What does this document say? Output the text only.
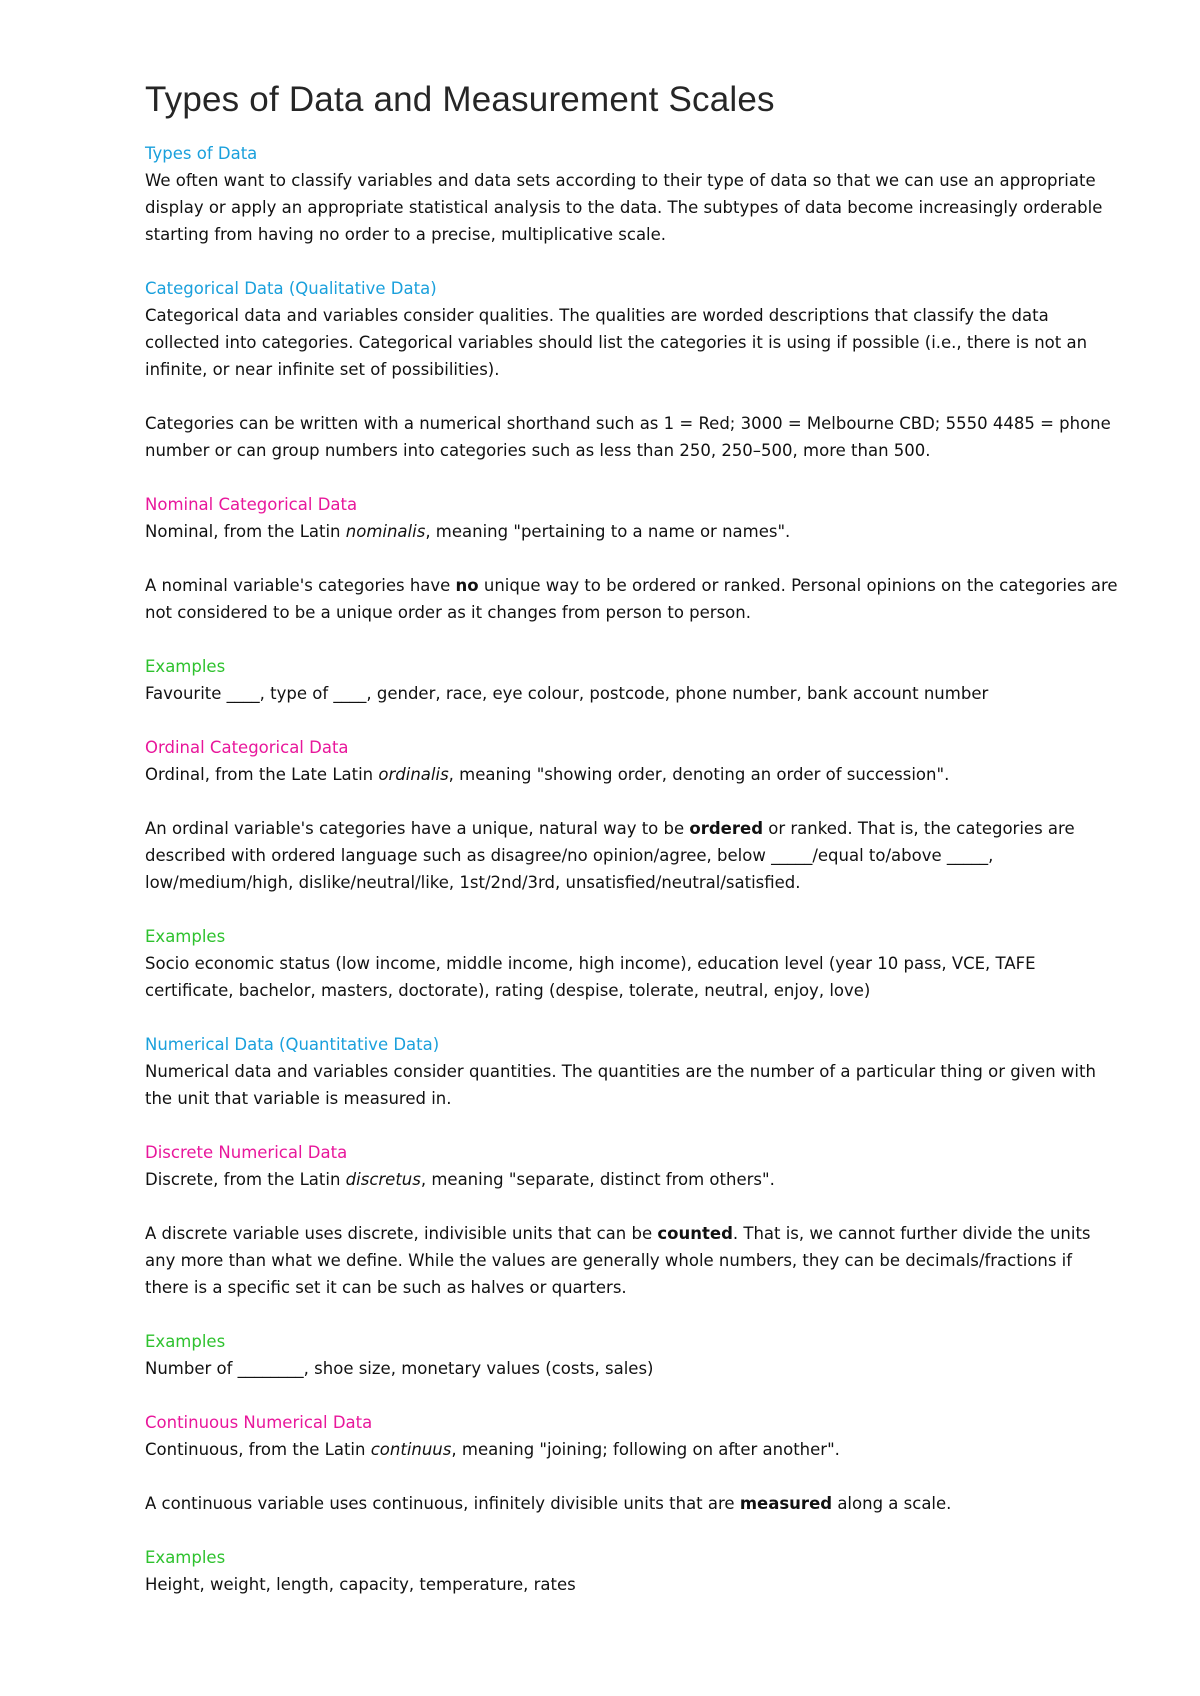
Types of Data and Measurement Scales

Types of Data

We often want to classify variables and data sets according to their type of data so that we can use an appropriate display or apply an appropriate statistical analysis to the data. The subtypes of data become increasingly orderable starting from having no order to a precise, multiplicative scale.

Categorical Data (Qualitative Data)

Categorical data and variables consider qualities. The qualities are worded descriptions that classify the data collected into categories. Categorical variables should list the categories it is using if possible (i.e., there is not an infinite, or near infinite set of possibilities).

Categories can be written with a numerical shorthand such as 1 = Red; 3000 = Melbourne CBD; 5550 4485 = phone number or can group numbers into categories such as less than 250, 250–500, more than 500.

Nominal Categorical Data

Nominal, from the Latin nominalis, meaning "pertaining to a name or names".

A nominal variable's categories have no unique way to be ordered or ranked. Personal opinions on the categories are not considered to be a unique order as it changes from person to person.

Examples

Favourite ____, type of ____, gender, race, eye colour, postcode, phone number, bank account number

Ordinal Categorical Data

Ordinal, from the Late Latin ordinalis, meaning "showing order, denoting an order of succession".

An ordinal variable's categories have a unique, natural way to be ordered or ranked. That is, the categories are described with ordered language such as disagree/no opinion/agree, below _____/equal to/above _____, low/medium/high, dislike/neutral/like, 1st/2nd/3rd, unsatisfied/neutral/satisfied.

Examples

Socio economic status (low income, middle income, high income), education level (year 10 pass, VCE, TAFE certificate, bachelor, masters, doctorate), rating (despise, tolerate, neutral, enjoy, love)

Numerical Data (Quantitative Data)

Numerical data and variables consider quantities. The quantities are the number of a particular thing or given with the unit that variable is measured in.

Discrete Numerical Data

Discrete, from the Latin discretus, meaning "separate, distinct from others".

A discrete variable uses discrete, indivisible units that can be counted. That is, we cannot further divide the units any more than what we define. While the values are generally whole numbers, they can be decimals/fractions if there is a specific set it can be such as halves or quarters.

Examples

Number of ________, shoe size, monetary values (costs, sales)

Continuous Numerical Data

Continuous, from the Latin continuus, meaning "joining; following on after another".

A continuous variable uses continuous, infinitely divisible units that are measured along a scale.

Examples

Height, weight, length, capacity, temperature, rates
